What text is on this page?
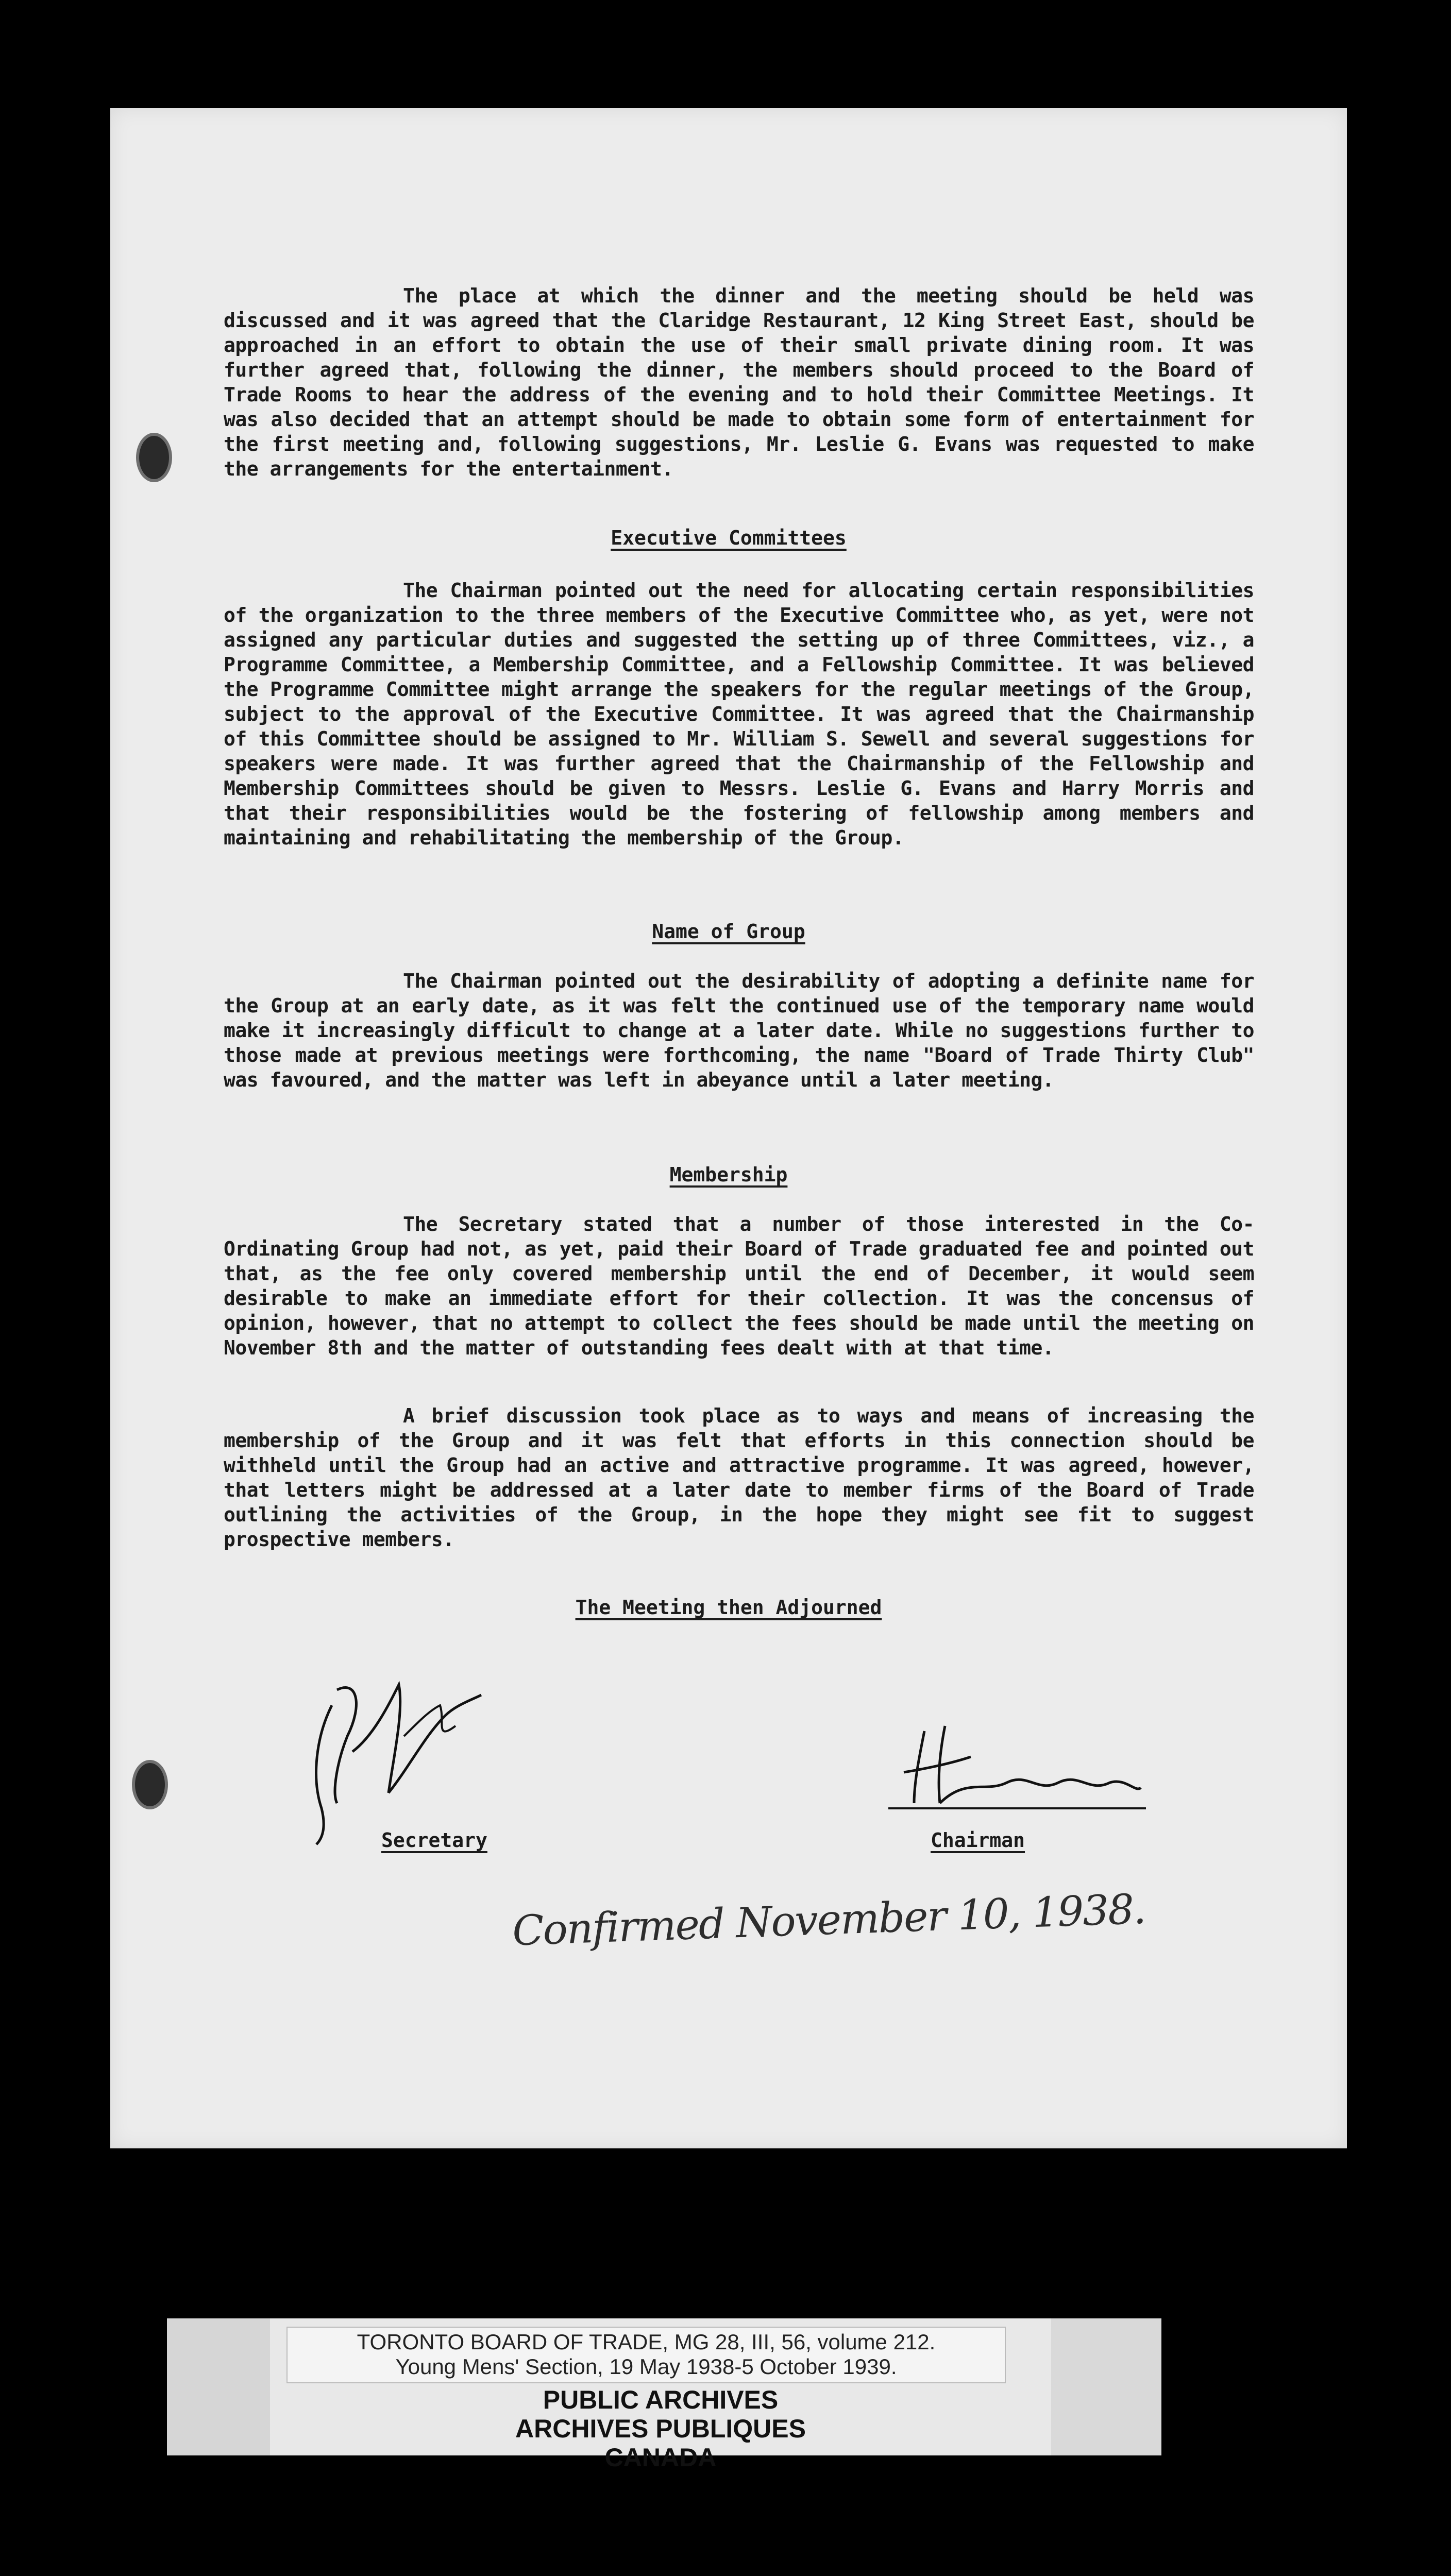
The place at which the dinner and the meeting should be held was discussed and it was agreed that the Claridge Restaurant, 12 King Street East, should be approached in an effort to obtain the use of their small private dining room. It was further agreed that, following the dinner, the members should proceed to the Board of Trade Rooms to hear the address of the evening and to hold their Committee Meetings. It was also decided that an attempt should be made to obtain some form of entertainment for the first meeting and, following suggestions, Mr. Leslie G. Evans was requested to make the arrangements for the entertainment.

Executive Committees

The Chairman pointed out the need for allocating certain responsibilities of the organization to the three members of the Executive Committee who, as yet, were not assigned any particular duties and suggested the setting up of three Committees, viz., a Programme Committee, a Membership Committee, and a Fellowship Committee. It was believed the Programme Committee might arrange the speakers for the regular meetings of the Group, subject to the approval of the Executive Committee. It was agreed that the Chairmanship of this Committee should be assigned to Mr. William S. Sewell and several suggestions for speakers were made. It was further agreed that the Chairmanship of the Fellowship and Membership Committees should be given to Messrs. Leslie G. Evans and Harry Morris and that their responsibilities would be the fostering of fellowship among members and maintaining and rehabilitating the membership of the Group.

Name of Group

The Chairman pointed out the desirability of adopting a definite name for the Group at an early date, as it was felt the continued use of the temporary name would make it increasingly difficult to change at a later date. While no suggestions further to those made at previous meetings were forthcoming, the name "Board of Trade Thirty Club" was favoured, and the matter was left in abeyance until a later meeting.

Membership

The Secretary stated that a number of those interested in the Co-Ordinating Group had not, as yet, paid their Board of Trade graduated fee and pointed out that, as the fee only covered membership until the end of December, it would seem desirable to make an immediate effort for their collection. It was the concensus of opinion, however, that no attempt to collect the fees should be made until the meeting on November 8th and the matter of outstanding fees dealt with at that time.

A brief discussion took place as to ways and means of increasing the membership of the Group and it was felt that efforts in this connection should be withheld until the Group had an active and attractive programme. It was agreed, however, that letters might be addressed at a later date to member firms of the Board of Trade outlining the activities of the Group, in the hope they might see fit to suggest prospective members.

The Meeting then Adjourned

Secretary	Chairman
Confirmed November 10, 1938.

TORONTO BOARD OF TRADE, MG 28, III, 56, volume 212.

Young Mens' Section, 19 May 1938-5 October 1939.

PUBLIC ARCHIVES

ARCHIVES PUBLIQUES

CANADA
